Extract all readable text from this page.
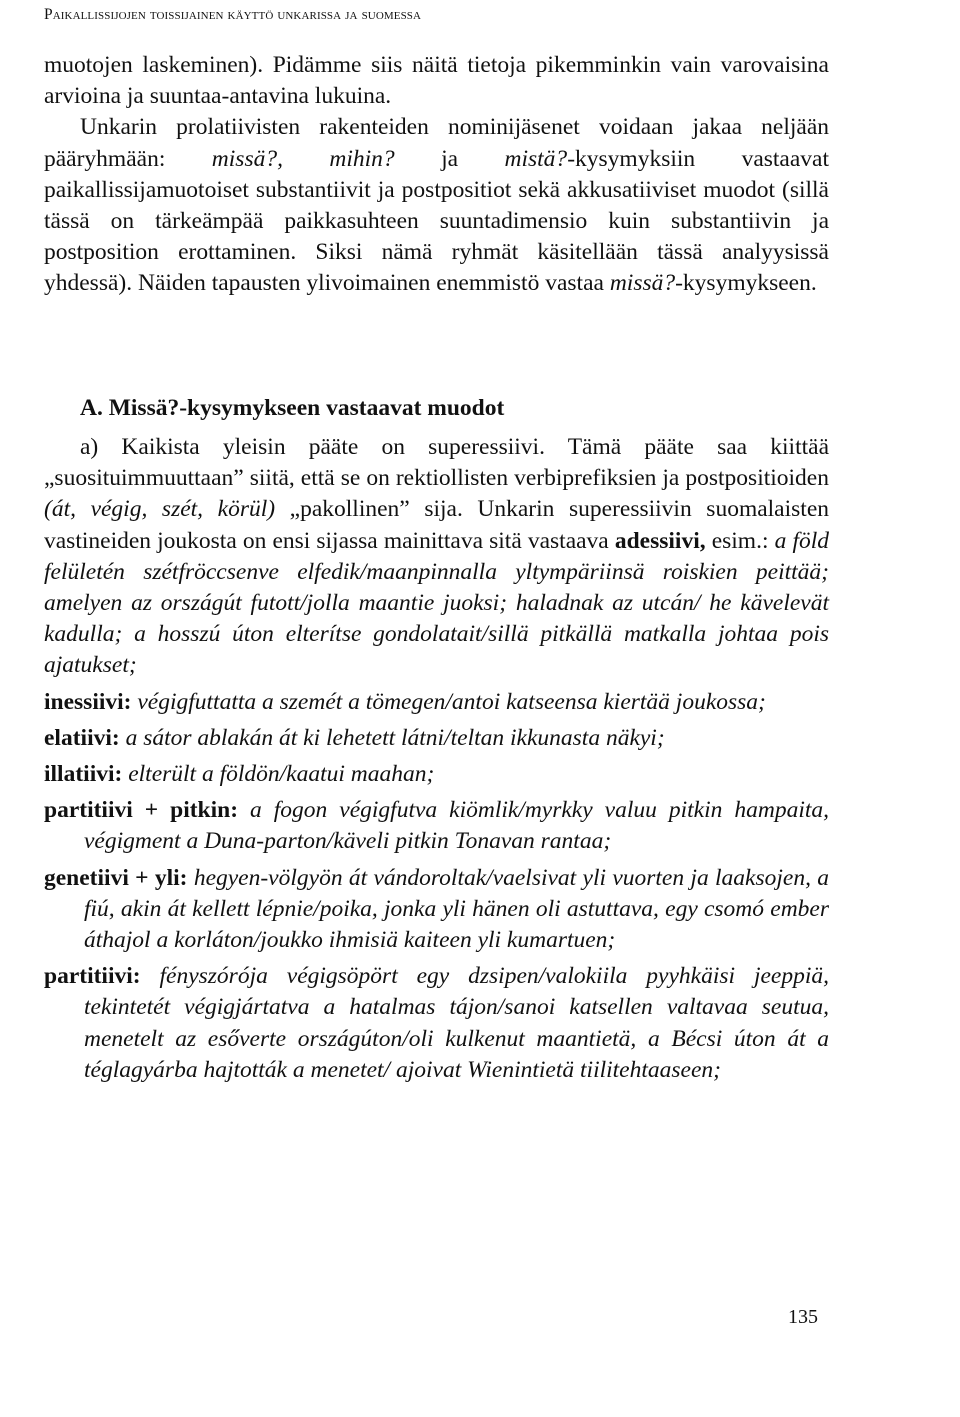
Paikallissijojen toissijainen käyttö unkarissa ja suomessa

muotojen laskeminen). Pidämme siis näitä tietoja pikemminkin vain varovaisina arvioina ja suuntaa-antavina lukuina.

Unkarin prolatiivisten rakenteiden nominijäsenet voidaan jakaa neljään pääryhmään: missä?, mihin? ja mistä?-kysymyksiin vastaavat paikallissijamuotoiset substantiivit ja postpositiot sekä akkusatiiviset muodot (sillä tässä on tärkeämpää paikkasuhteen suuntadimensio kuin substantiivin ja postposition erottaminen. Siksi nämä ryhmät käsitellään tässä analyysissä yhdessä). Näiden tapausten ylivoimainen enemmistö vastaa missä?-kysymykseen.

A. Missä?-kysymykseen vastaavat muodot

a) Kaikista yleisin pääte on superessiivi. Tämä pääte saa kiittää „suosituimmuuttaan” siitä, että se on rektiollisten verbiprefiksien ja postpositioiden (át, végig, szét, körül) „pakollinen” sija. Unkarin superessiivin suomalaisten vastineiden joukosta on ensi sijassa mainittava sitä vastaava adessiivi, esim.: a föld felületén szétfröccsenve elfedik/maanpinnalla yltympäriinsä roiskien peittää; amelyen az országút futott/jolla maantie juoksi; haladnak az utcán/ he kävelevät kadulla; a hosszú úton elterítse gondolatait/sillä pitkällä matkalla johtaa pois ajatukset;

inessiivi: végigfuttatta a szemét a tömegen/antoi katseensa kiertää joukossa;

elatiivi: a sátor ablakán át ki lehetett látni/teltan ikkunasta näkyi;

illatiivi: elterült a földön/kaatui maahan;

partitiivi + pitkin: a fogon végigfutva kiömlik/myrkky valuu pitkin hampaita, végigment a Duna-parton/käveli pitkin Tonavan rantaa;

genetiivi + yli: hegyen-völgyön át vándoroltak/vaelsivat yli vuorten ja laaksojen, a fiú, akin át kellett lépnie/poika, jonka yli hänen oli astuttava, egy csomó ember áthajol a korláton/joukko ihmisiä kaiteen yli kumartuen;

partitiivi: fényszórója végigsöpört egy dzsipen/valokiila pyyhkäisi jeeppiä, tekintetét végigjártatva a hatalmas tájon/sanoi katsellen valtavaa seutua, menetelt az esőverte országúton/oli kulkenut maantietä, a Bécsi úton át a téglagyárba hajtották a menetet/ ajoivat Wienintietä tiilitehtaaseen;

135
